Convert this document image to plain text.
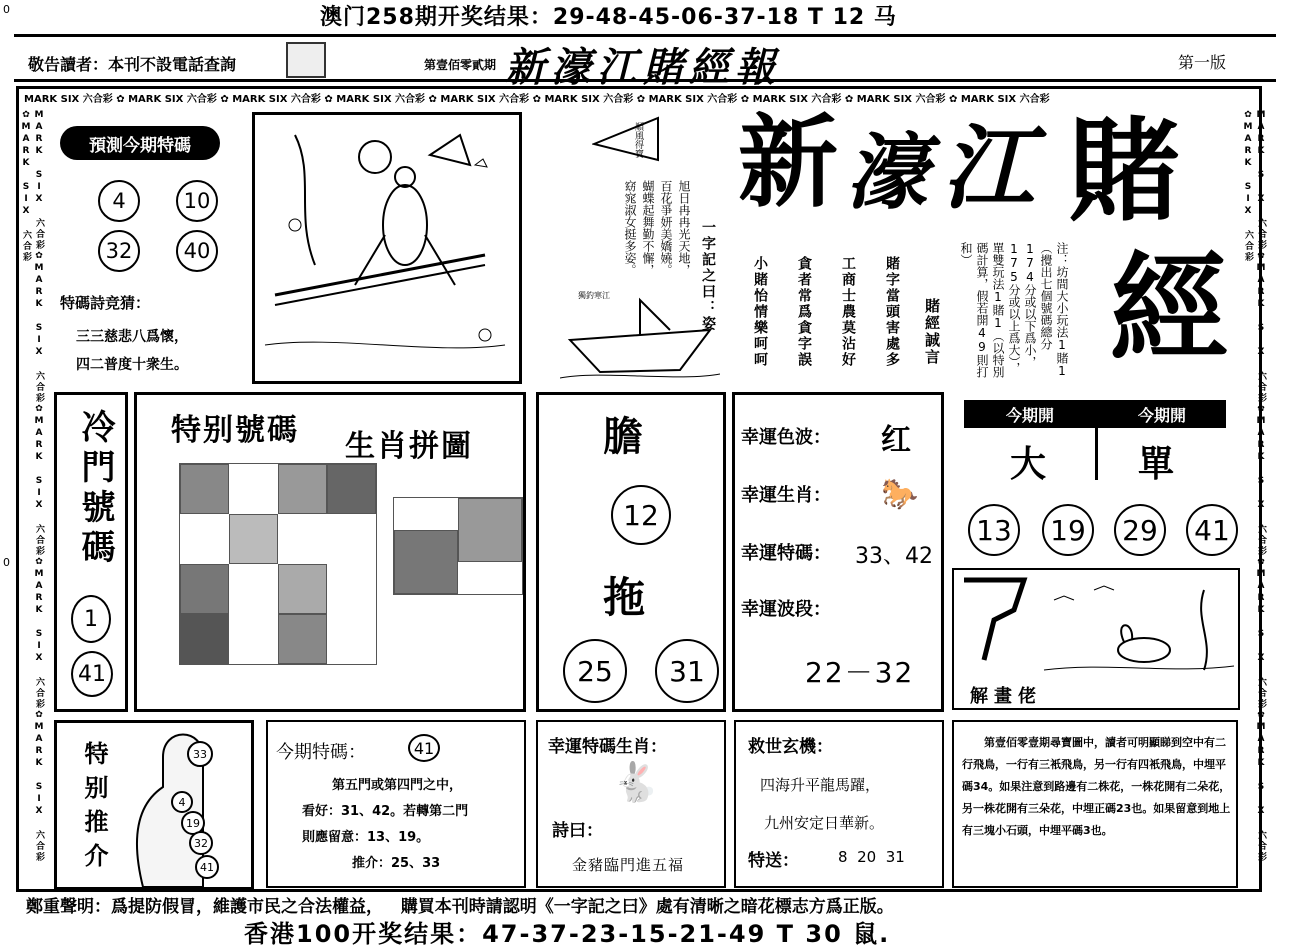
0
0
澳门258期开奖结果：29-48-45-06-37-18 T 12 马
敬告讀者：本刊不設電話查詢	第壹佰零貳期 新濠江賭經報	第一版
MARK SIX 六合彩 ✿ MARK SIX 六合彩 ✿ MARK SIX 六合彩 ✿ MARK SIX 六合彩 ✿ MARK SIX 六合彩 ✿ MARK SIX 六合彩 ✿ MARK SIX 六合彩 ✿ MARK SIX 六合彩 ✿ MARK SIX 六合彩 ✿ MARK SIX 六合彩
MARK SIX 六合彩✿MARK SIX 六合彩✿MARK SIX 六合彩✿MARK SIX 六合彩✿MARK SIX 六合彩✿MARK SIX 六合彩	MARK SIX 六合彩✿MARK SIX 六合彩✿MARK SIX 六合彩✿MARK SIX 六合彩✿MARK SIX 六合彩✿MARK SIX 六合彩
預測今期特碼
4	10
32	40
特碼詩竞猜：
三三慈悲八爲懷，
四二普度十衆生。
順風得寶
一字記之曰：姿
旭日冉冉光天地，
百花爭妍美嬌嬈。
蝴蝶起舞勤不懈，
窈窕淑女挺多姿。
獨釣寒江
新 濠 江 賭
經
賭經誠言
賭字當頭害處多
工商士農莫沾好
貪者常爲貪字誤
小賭怡情樂呵呵
注：坊間大小玩法1賭1（攪出七個號碼總分174分或以下爲小，175分或以上爲大），單雙玩法1賭1（以特別碼計算，假若開49則打和）
冷門號碼
1
41
特别號碼 生肖拼圖	膽
12
拖
25	31
幸運色波： 红
幸運生肖： 🐎
幸運特碼： 33、42
幸運波段：
22－32
今期開	今期開
大	單
13 19 29 41
解畫佬
特
别
推
介
33
4
19
32
41
今期特碼：	41
第五門或第四門之中，
看好：31、42。若轉第二門
則應留意：13、19。
推介：25、33
幸運特碼生肖：
🐇
詩曰：
金豬臨門進五福
救世玄機：
四海升平龍馬躍，
九州安定日華新。
特送：	8  20  31
第壹佰零壹期尋寶圖中，讀者可明顯睇到空中有二行飛鳥，一行有三衹飛鳥，另一行有四衹飛鳥，中埋平碼34。如果注意到路邊有二株花，一株花開有二朵花，另一株花開有三朵花，中埋正碼23也。如果留意到地上有三塊小石頭，中埋平碼3也。
鄭重聲明：爲提防假冒，維護市民之合法權益，   購買本刊時請認明《一字記之曰》處有清晰之暗花標志方爲正版。
香港100开奖结果：47-37-23-15-21-49 T 30 鼠.
